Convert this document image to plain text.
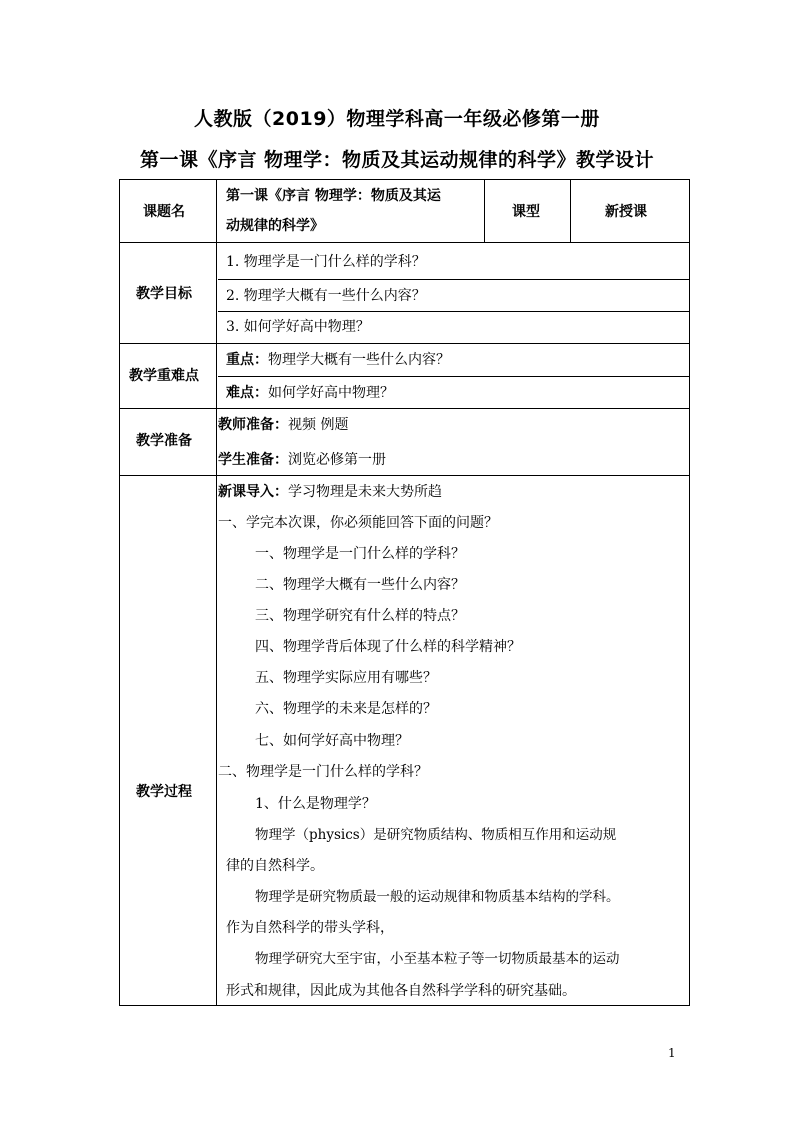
人教版（2019）物理学科高一年级必修第一册
第一课《序言 物理学：物质及其运动规律的科学》教学设计
课题名
第一课《序言 物理学：物质及其运
动规律的科学》
课型	新授课
教学目标
1. 物理学是一门什么样的学科？
2. 物理学大概有一些什么内容？
3. 如何学好高中物理？
教学重难点
重点：物理学大概有一些什么内容？
难点：如何学好高中物理？
教学准备
教师准备：视频 例题
学生准备：浏览必修第一册
教学过程
新课导入：学习物理是未来大势所趋
一、学完本次课，你必须能回答下面的问题？
一、物理学是一门什么样的学科？
二、物理学大概有一些什么内容？
三、物理学研究有什么样的特点？
四、物理学背后体现了什么样的科学精神？
五、物理学实际应用有哪些？
六、物理学的未来是怎样的？
七、如何学好高中物理？
二、物理学是一门什么样的学科？
1、什么是物理学？
物理学（physics）是研究物质结构、物质相互作用和运动规
律的自然科学。
物理学是研究物质最一般的运动规律和物质基本结构的学科。
作为自然科学的带头学科，
物理学研究大至宇宙，小至基本粒子等一切物质最基本的运动
形式和规律，因此成为其他各自然科学学科的研究基础。
1
